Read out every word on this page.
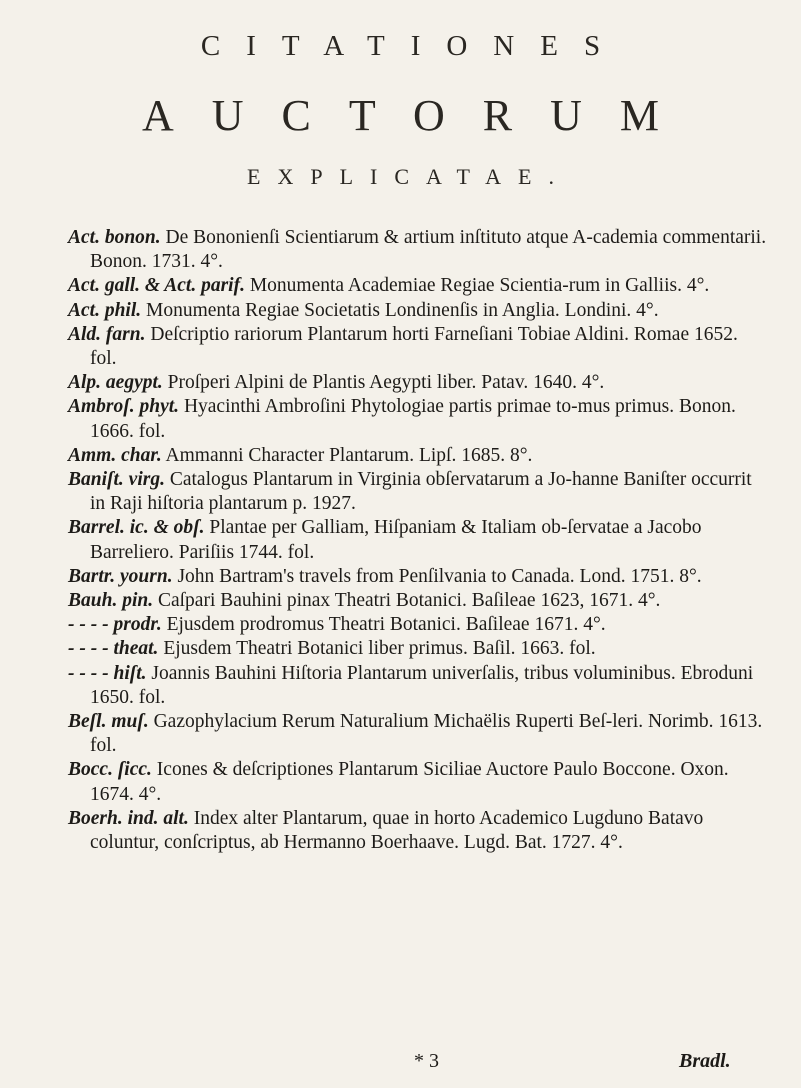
CITATIONES
AUCTORUM
EXPLICATAE.

Act. bonon. De Bononienſi Scientiarum & artium inſtituto atque A-cademia commentarii. Bonon. 1731. 4°.

Act. gall. & Act. parif. Monumenta Academiae Regiae Scientia-rum in Galliis. 4°.

Act. phil. Monumenta Regiae Societatis Londinenſis in Anglia. Londini. 4°.

Ald. farn. Deſcriptio rariorum Plantarum horti Farneſiani Tobiae Aldini. Romae 1652. fol.

Alp. aegypt. Proſperi Alpini de Plantis Aegypti liber. Patav. 1640. 4°.

Ambroſ. phyt. Hyacinthi Ambroſini Phytologiae partis primae to-mus primus. Bonon. 1666. fol.

Amm. char. Ammanni Character Plantarum. Lipſ. 1685. 8°.

Baniſt. virg. Catalogus Plantarum in Virginia obſervatarum a Jo-hanne Baniſter occurrit in Raji hiſtoria plantarum p. 1927.

Barrel. ic. & obſ. Plantae per Galliam, Hiſpaniam & Italiam ob-ſervatae a Jacobo Barreliero. Pariſiis 1744. fol.

Bartr. yourn. John Bartram's travels from Penſilvania to Canada. Lond. 1751. 8°.

Bauh. pin. Caſpari Bauhini pinax Theatri Botanici. Baſileae 1623, 1671. 4°.

- - - - prodr. Ejusdem prodromus Theatri Botanici. Baſileae 1671. 4°.

- - - - theat. Ejusdem Theatri Botanici liber primus. Baſil. 1663. fol.

- - - - hiſt. Joannis Bauhini Hiſtoria Plantarum univerſalis, tribus voluminibus. Ebroduni 1650. fol.

Beſl. muſ. Gazophylacium Rerum Naturalium Michaëlis Ruperti Beſ-leri. Norimb. 1613. fol.

Bocc. ſicc. Icones & deſcriptiones Plantarum Siciliae Auctore Paulo Boccone. Oxon. 1674. 4°.

Boerh. ind. alt. Index alter Plantarum, quae in horto Academico Lugduno Batavo coluntur, conſcriptus, ab Hermanno Boerhaave. Lugd. Bat. 1727. 4°.

* 3	Bradl.
